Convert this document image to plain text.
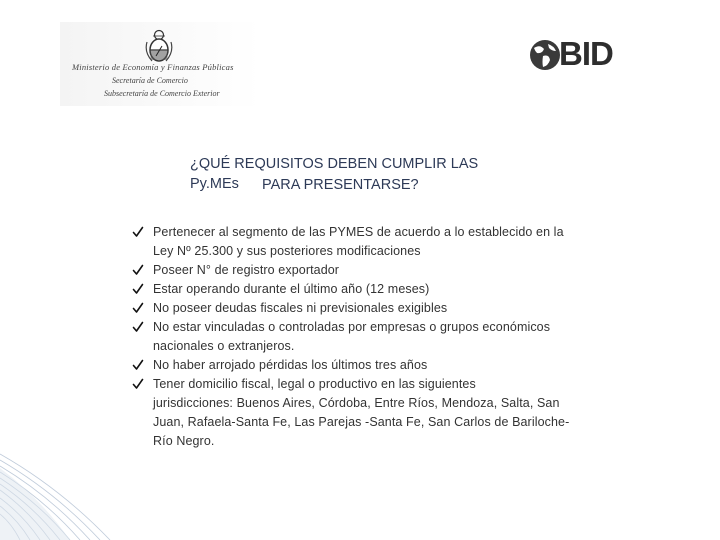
Ministerio de Economía y Finanzas Públicas
Secretaría de Comercio
Subsecretaría de Comercio Exterior
BID
¿QUÉ REQUISITOS DEBEN CUMPLIR LAS Py.MEs	PARA PRESENTARSE?
Pertenecer al segmento de las PYMES de acuerdo a lo establecido en la
Ley Nº 25.300 y sus posteriores modificaciones
Poseer N° de registro exportador
Estar operando durante el último año (12 meses)
No poseer deudas fiscales ni previsionales exigibles
No estar vinculadas o controladas por empresas o grupos económicos
nacionales o extranjeros.
No haber arrojado pérdidas los últimos tres años
Tener domicilio fiscal, legal o productivo en las siguientes
jurisdicciones: Buenos Aires, Córdoba, Entre Ríos, Mendoza, Salta, San
Juan, Rafaela-Santa Fe, Las Parejas -Santa Fe, San Carlos de Bariloche-
Río Negro.
